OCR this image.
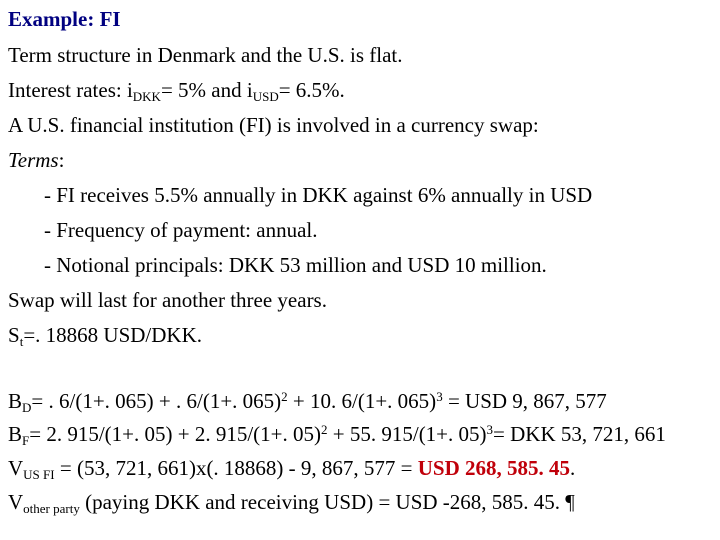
Example: FI
Term structure in Denmark and the U.S. is flat.
Interest rates: $i_{DKK}= 5\%$ and $i_{USD}= 6.5\%$.
A U.S. financial institution (FI) is involved in a currency swap:
Terms:
- FI receives 5.5% annually in DKK against 6% annually in USD
- Frequency of payment: annual.
- Notional principals: DKK 53 million and USD 10 million.
Swap will last for another three years.
$S_t=$. 18868 USD/DKK.
$B_D=$ . 6/(1+. 065) + . 6/(1+. 065)$^2$ + 10. 6/(1+. 065)$^3$ = USD 9, 867, 577
$B_F= 2$. 915/(1+. 05) + 2. 915/(1+. 05)$^2$ + 55. 915/(1+. 05)$^3$= DKK 53, 721, 661
$V_{US FI} = (53$, 721, 661)x(. 18868) - 9, 867, 577 = USD 268, 585. 45.
$V_{other party}$ (paying DKK and receiving USD) = USD -268, 585. 45. ¶
